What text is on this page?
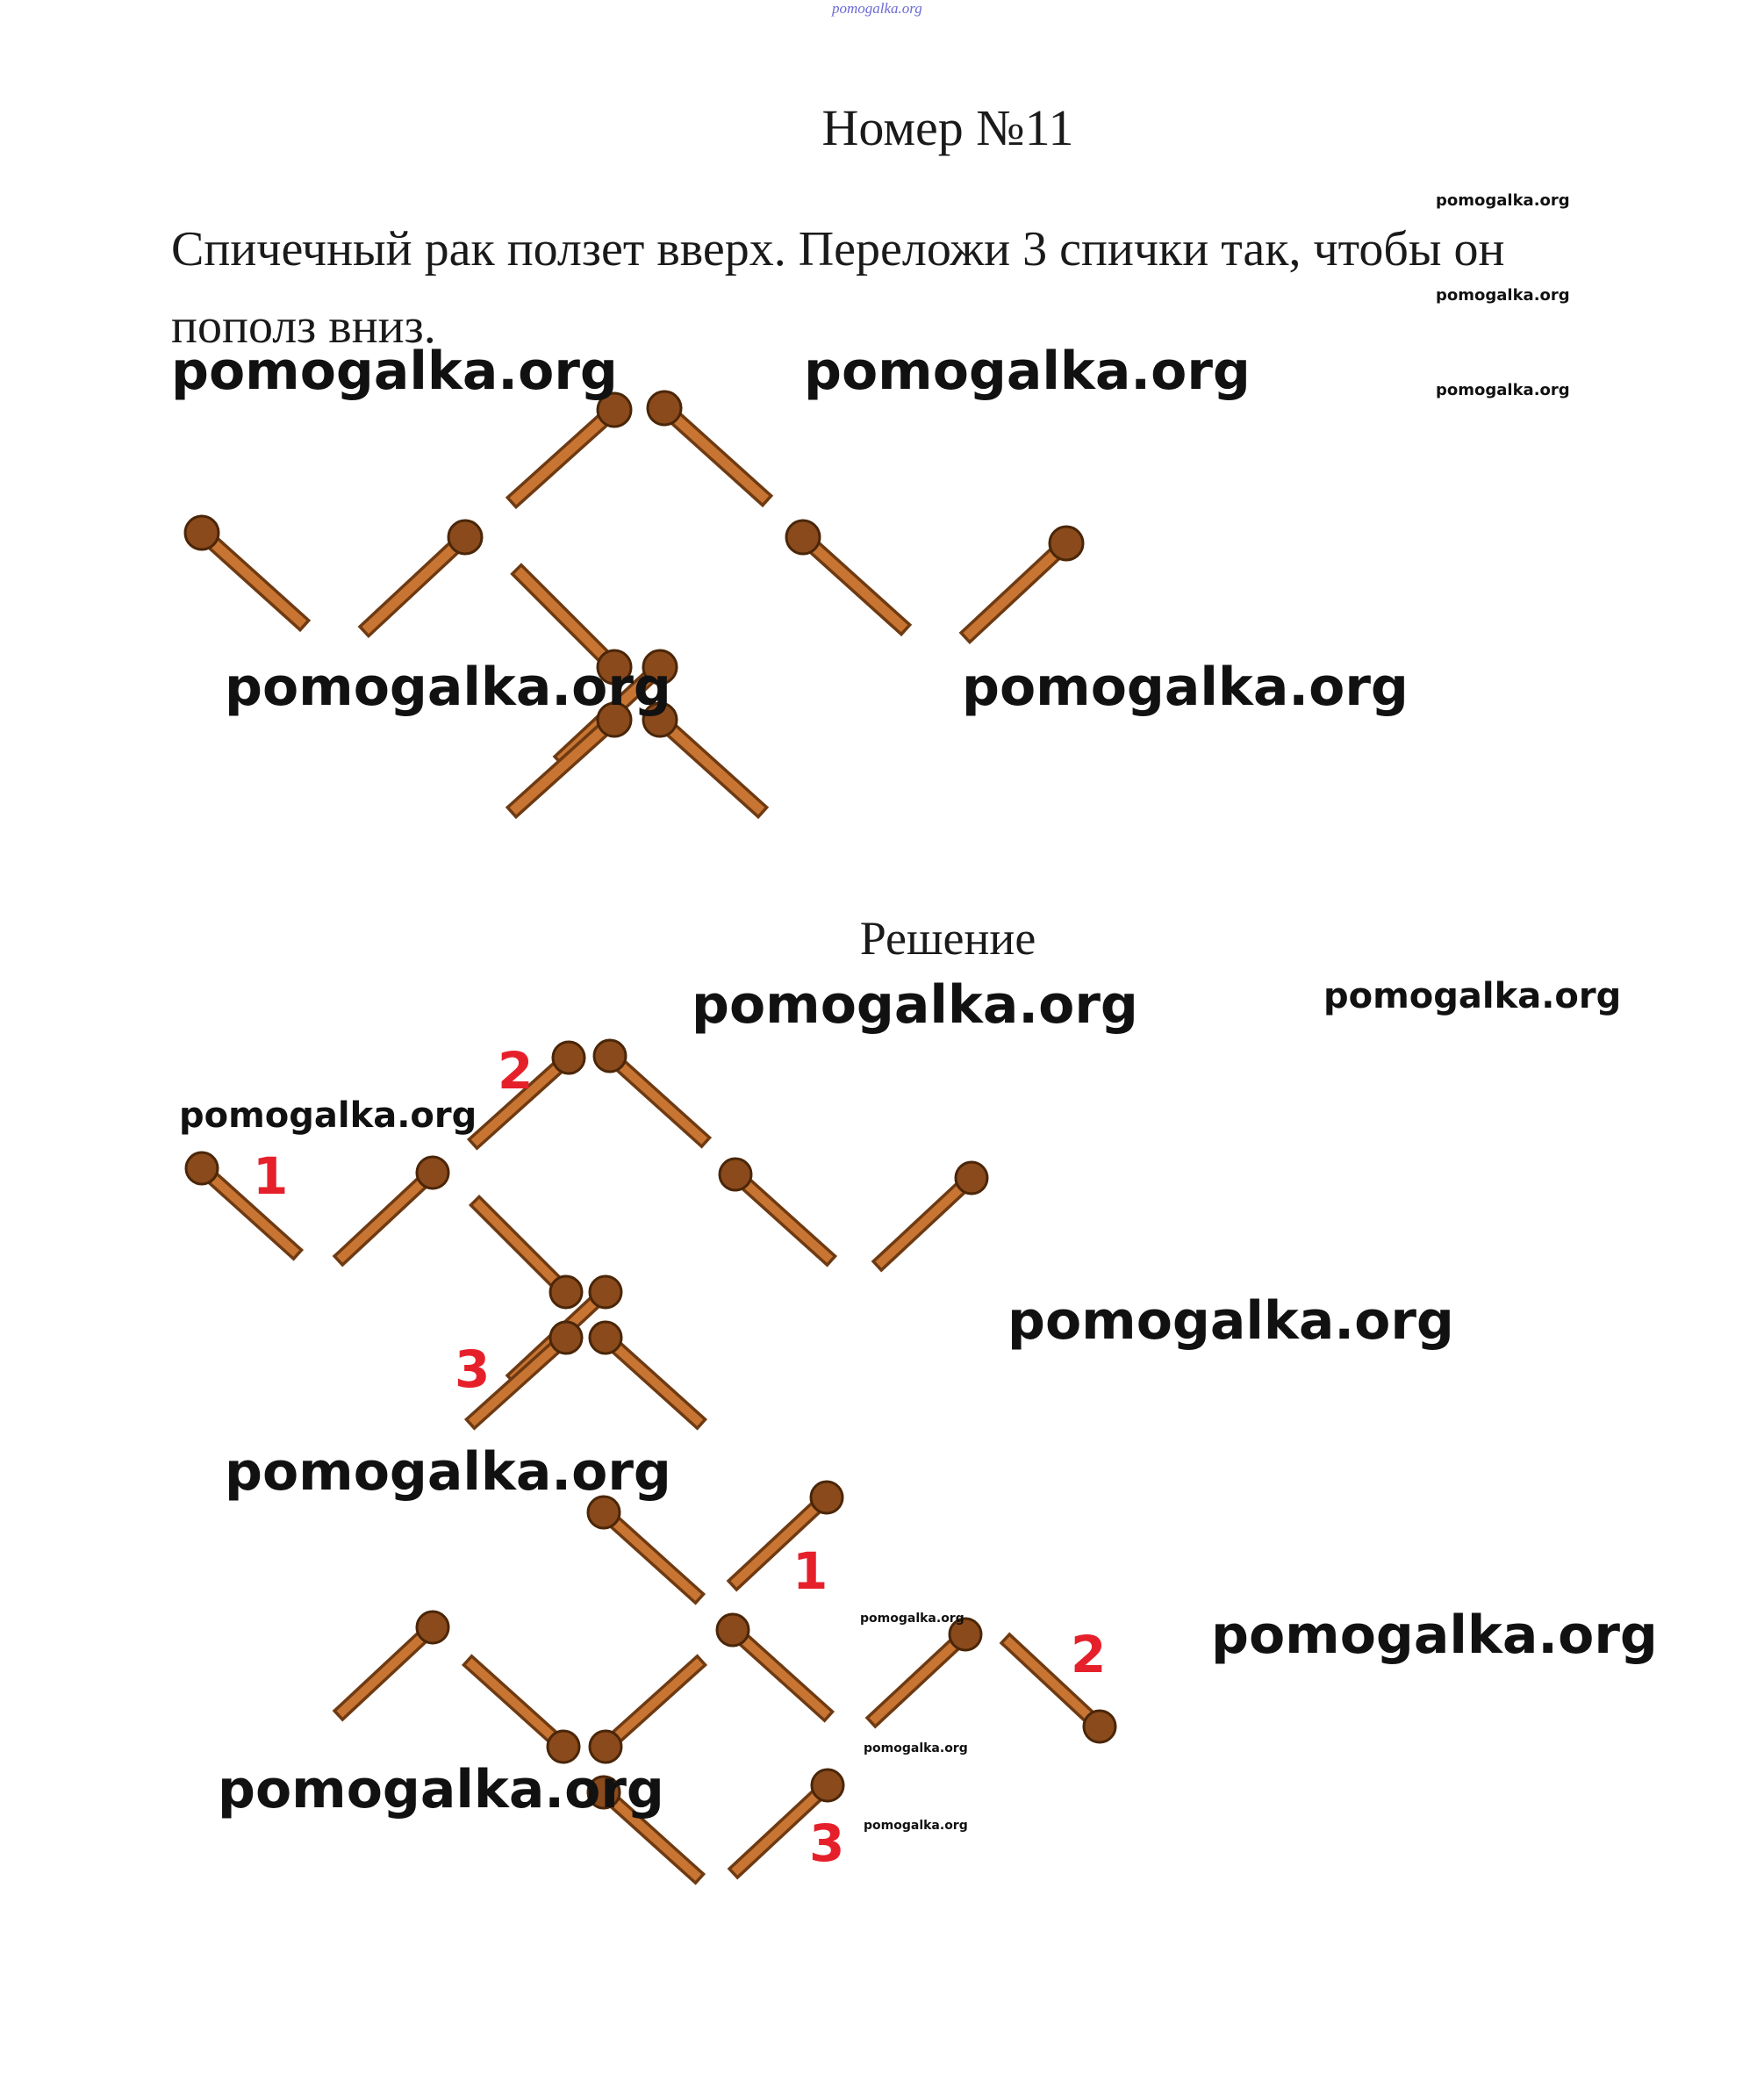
pomogalka.org
Номер №11
Спичечный рак ползет вверх. Переложи 3 спички так, чтобы он пополз вниз.
Решение
2
1
3
1
2
3
pomogalka.org
pomogalka.org
pomogalka.org
pomogalka.org	pomogalka.org
pomogalka.org	pomogalka.org
pomogalka.org	pomogalka.org
pomogalka.org
pomogalka.org
pomogalka.org
pomogalka.org	pomogalka.org
pomogalka.org
pomogalka.org
pomogalka.org
